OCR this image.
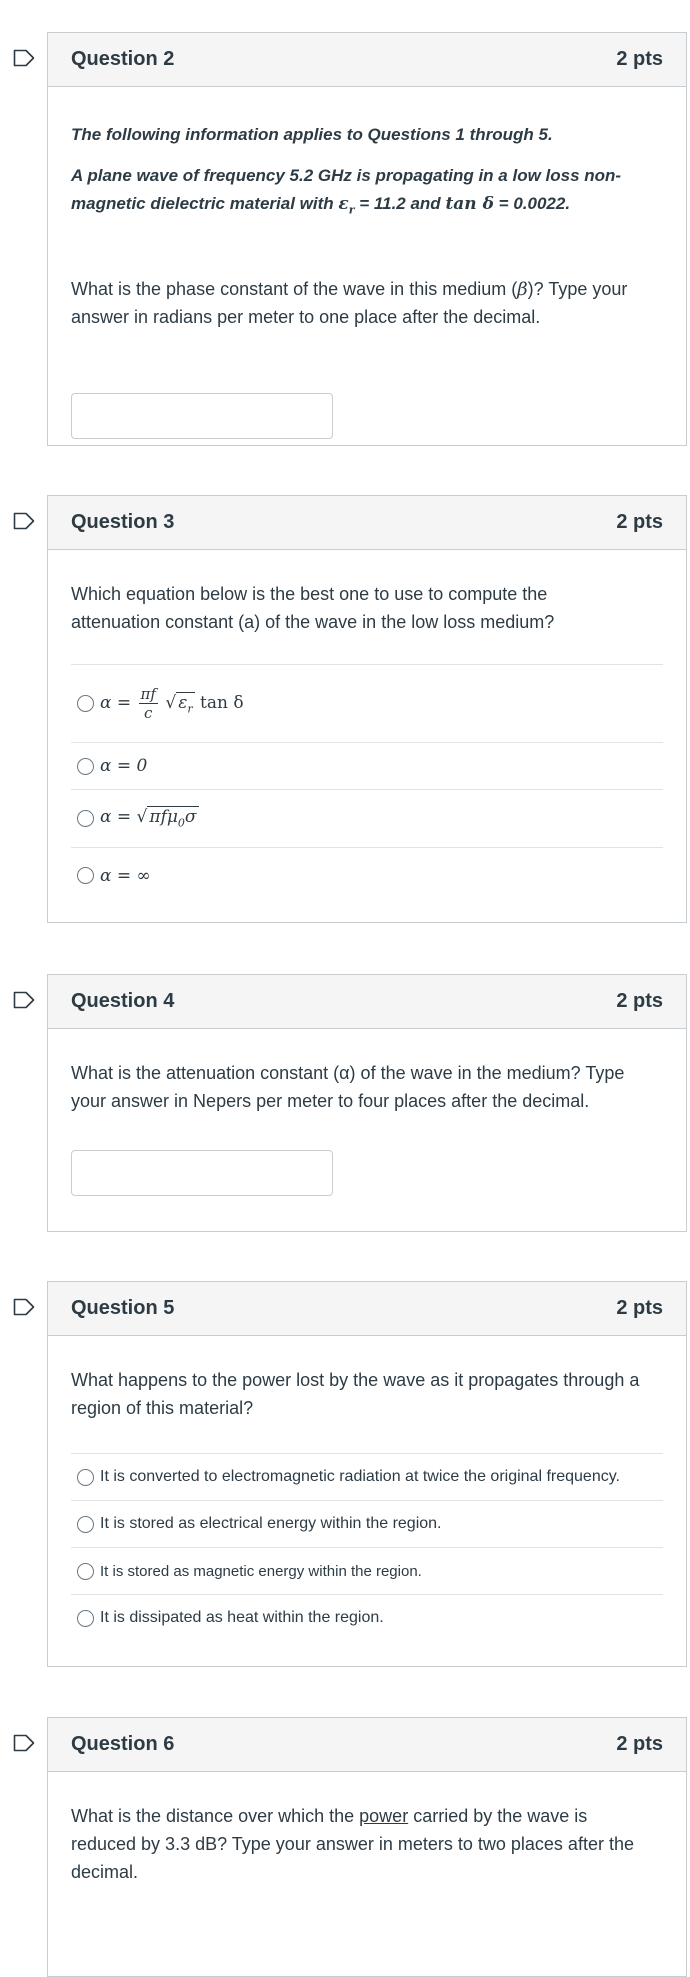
Question 2	2 pts
The following information applies to Questions 1 through 5.
A plane wave of frequency 5.2 GHz is propagating in a low loss non-
magnetic dielectric material with $\varepsilon_r = 11.2$ and tan δ = 0.0022.
What is the phase constant of the wave in this medium (β)? Type your
answer in radians per meter to one place after the decimal.
Question 3	2 pts
Which equation below is the best one to use to compute the
attenuation constant (a) of the wave in the low loss medium?
$\alpha = \frac{\pi f}{c}$ √ $\varepsilon_r$ tan δ
α = 0
α = √ πfμ$_0$σ
α = ∞
Question 4	2 pts
What is the attenuation constant (α) of the wave in the medium? Type
your answer in Nepers per meter to four places after the decimal.
Question 5	2 pts
What happens to the power lost by the wave as it propagates through a
region of this material?
It is converted to electromagnetic radiation at twice the original frequency.
It is stored as electrical energy within the region.
It is stored as magnetic energy within the region.
It is dissipated as heat within the region.
Question 6	2 pts
What is the distance over which the power carried by the wave is
reduced by 3.3 dB? Type your answer in meters to two places after the
decimal.
